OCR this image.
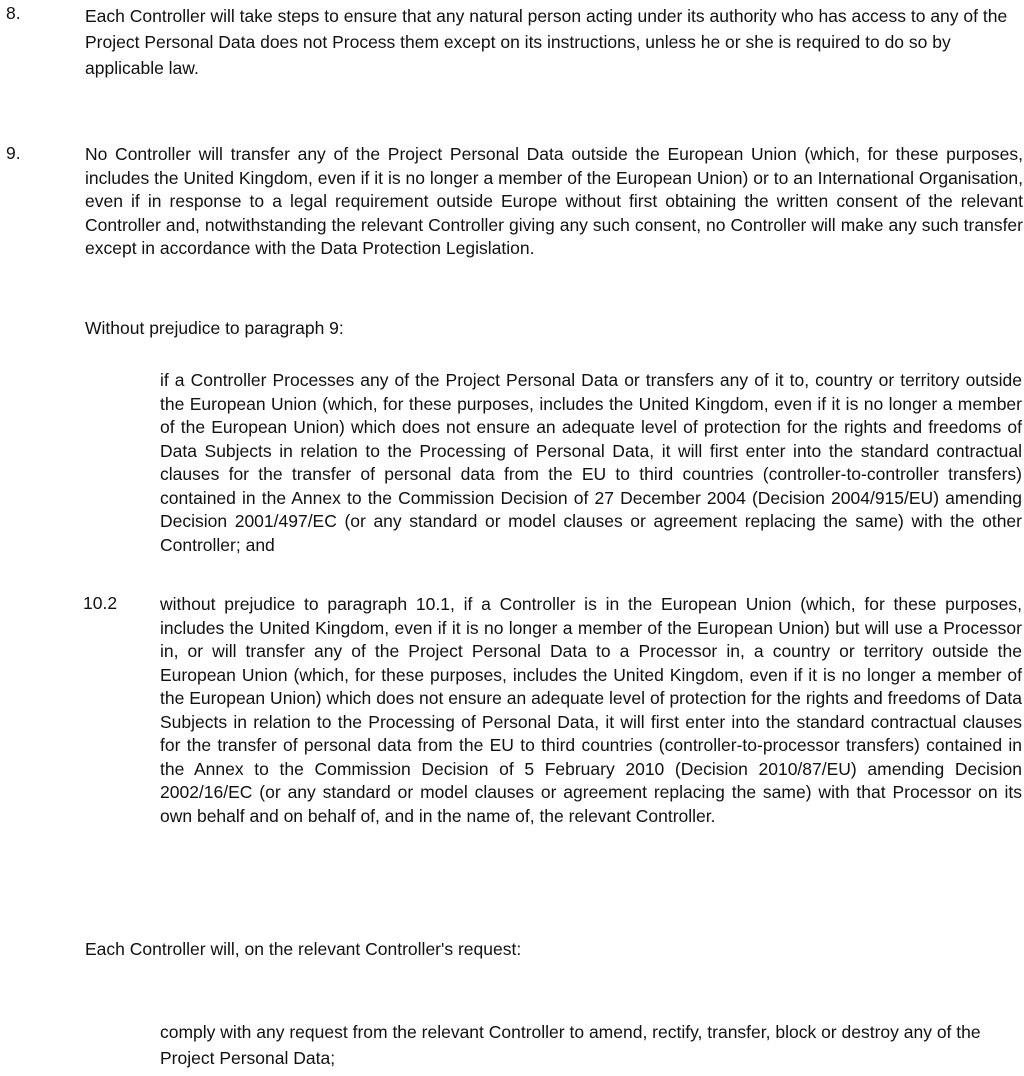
8.	Each Controller will take steps to ensure that any natural person acting under its authority who has access to any of the Project Personal Data does not Process them except on its instructions, unless he or she is required to do so by applicable law.
9.	No Controller will transfer any of the Project Personal Data outside the European Union (which, for these purposes, includes the United Kingdom, even if it is no longer a member of the European Union) or to an International Organisation, even if in response to a legal requirement outside Europe without first obtaining the written consent of the relevant Controller and, notwithstanding the relevant Controller giving any such consent, no Controller will make any such transfer except in accordance with the Data Protection Legislation.
Without prejudice to paragraph 9:
if a Controller Processes any of the Project Personal Data or transfers any of it to, country or territory outside the European Union (which, for these purposes, includes the United Kingdom, even if it is no longer a member of the European Union) which does not ensure an adequate level of protection for the rights and freedoms of Data Subjects in relation to the Processing of Personal Data, it will first enter into the standard contractual clauses for the transfer of personal data from the EU to third countries (controller-to-controller transfers) contained in the Annex to the Commission Decision of 27 December 2004 (Decision 2004/915/EU) amending Decision 2001/497/EC (or any standard or model clauses or agreement replacing the same) with the other Controller; and
10.2 without prejudice to paragraph 10.1, if a Controller is in the European Union (which, for these purposes, includes the United Kingdom, even if it is no longer a member of the European Union) but will use a Processor in, or will transfer any of the Project Personal Data to a Processor in, a country or territory outside the European Union (which, for these purposes, includes the United Kingdom, even if it is no longer a member of the European Union) which does not ensure an adequate level of protection for the rights and freedoms of Data Subjects in relation to the Processing of Personal Data, it will first enter into the standard contractual clauses for the transfer of personal data from the EU to third countries (controller-to-processor transfers) contained in the Annex to the Commission Decision of 5 February 2010 (Decision 2010/87/EU) amending Decision 2002/16/EC (or any standard or model clauses or agreement replacing the same) with that Processor on its own behalf and on behalf of, and in the name of, the relevant Controller.
Each Controller will, on the relevant Controller's request:
comply with any request from the relevant Controller to amend, rectify, transfer, block or destroy any of the Project Personal Data;
